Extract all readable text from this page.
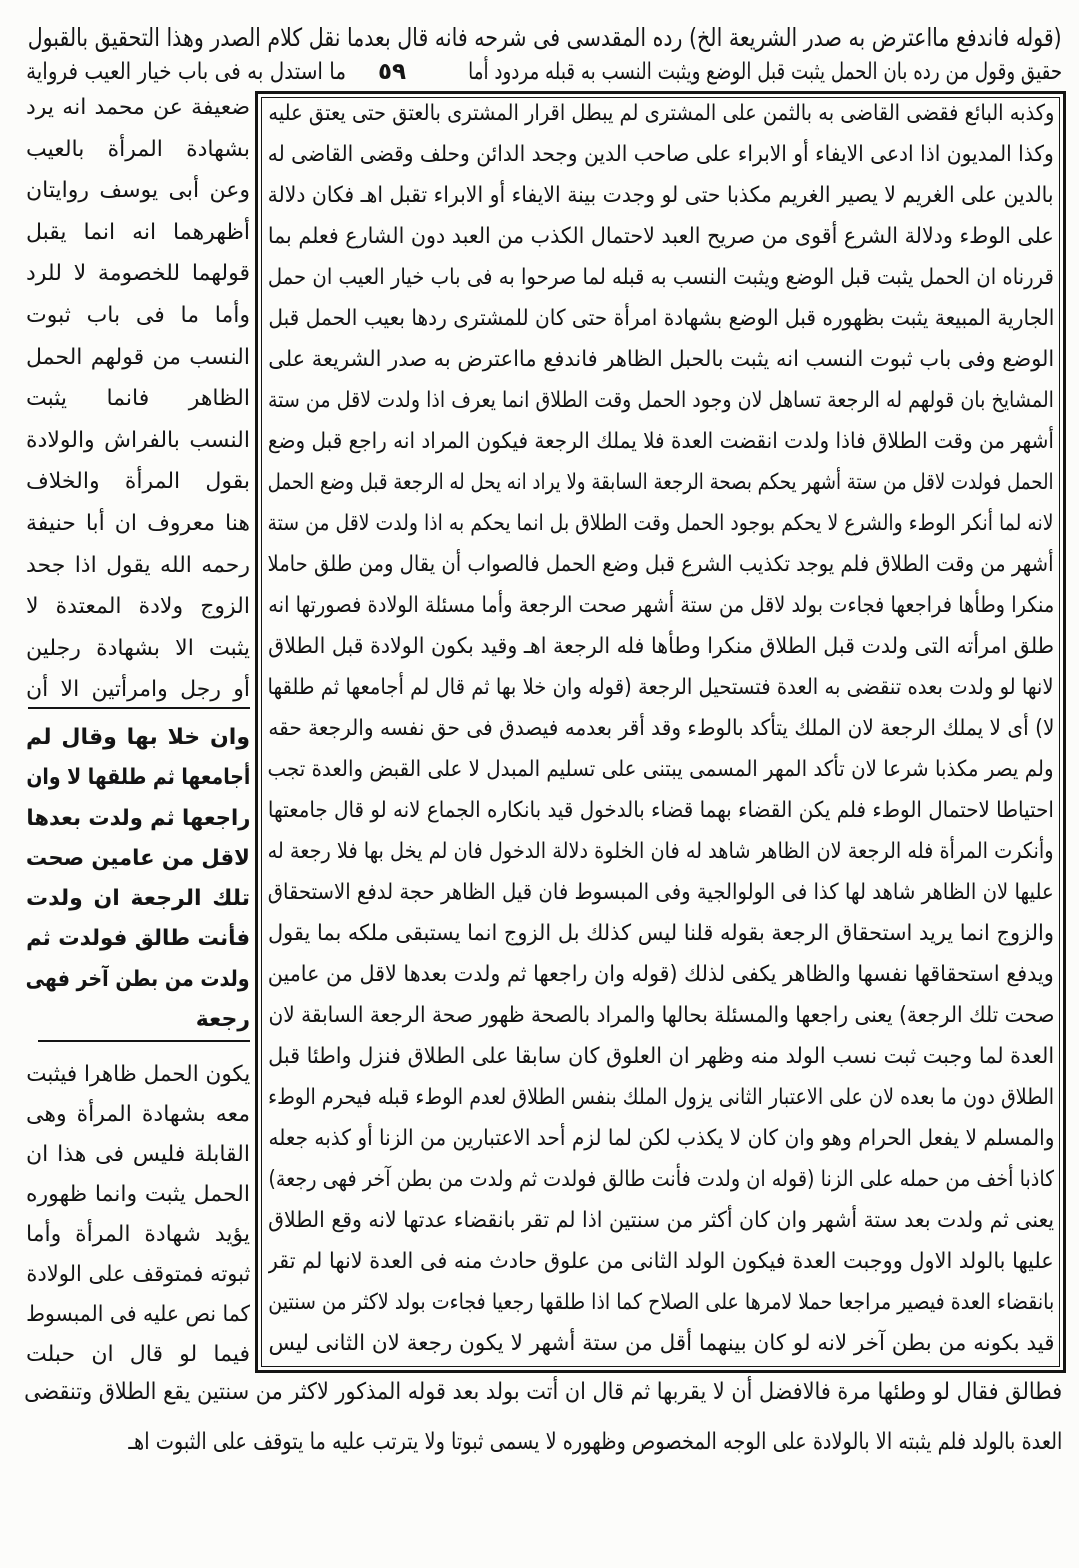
(قوله فاندفع مااعترض به صدر الشريعة الخ) رده المقدسى فى شرحه فانه قال بعدما نقل كلام الصدر وهذا التحقيق بالقبول
حقيق وقول من رده بان الحمل يثبت قبل الوضع ويثبت النسب به قبله مردود أما
٥٩
ما استدل به فى باب خيار العيب فرواية
وكذبه البائع فقضى القاضى به بالثمن على المشترى لم يبطل اقرار المشترى بالعتق حتى يعتق عليه
وكذا المديون اذا ادعى الايفاء أو الابراء على صاحب الدين وجحد الدائن وحلف وقضى القاضى له
بالدين على الغريم لا يصير الغريم مكذبا حتى لو وجدت بينة الايفاء أو الابراء تقبل اهـ فكان دلالة
على الوطء ودلالة الشرع أقوى من صريح العبد لاحتمال الكذب من العبد دون الشارع فعلم بما
قررناه ان الحمل يثبت قبل الوضع ويثبت النسب به قبله لما صرحوا به فى باب خيار العيب ان حمل
الجارية المبيعة يثبت بظهوره قبل الوضع بشهادة امرأة حتى كان للمشترى ردها بعيب الحمل قبل
الوضع وفى باب ثبوت النسب انه يثبت بالحبل الظاهر فاندفع مااعترض به صدر الشريعة على
المشايخ بان قولهم له الرجعة تساهل لان وجود الحمل وقت الطلاق انما يعرف اذا ولدت لاقل من ستة
أشهر من وقت الطلاق فاذا ولدت انقضت العدة فلا يملك الرجعة فيكون المراد انه راجع قبل وضع
الحمل فولدت لاقل من ستة أشهر يحكم بصحة الرجعة السابقة ولا يراد انه يحل له الرجعة قبل وضع الحمل
لانه لما أنكر الوطء والشرع لا يحكم بوجود الحمل وقت الطلاق بل انما يحكم به اذا ولدت لاقل من ستة
أشهر من وقت الطلاق فلم يوجد تكذيب الشرع قبل وضع الحمل فالصواب أن يقال ومن طلق حاملا
منكرا وطأها فراجعها فجاءت بولد لاقل من ستة أشهر صحت الرجعة وأما مسئلة الولادة فصورتها انه
طلق امرأته التى ولدت قبل الطلاق منكرا وطأها فله الرجعة اهـ وقيد بكون الولادة قبل الطلاق
لانها لو ولدت بعده تنقضى به العدة فتستحيل الرجعة (قوله وان خلا بها ثم قال لم أجامعها ثم طلقها
لا) أى لا يملك الرجعة لان الملك يتأكد بالوطء وقد أقر بعدمه فيصدق فى حق نفسه والرجعة حقه
ولم يصر مكذبا شرعا لان تأكد المهر المسمى يبتنى على تسليم المبدل لا على القبض والعدة تجب
احتياطا لاحتمال الوطء فلم يكن القضاء بهما قضاء بالدخول قيد بانكاره الجماع لانه لو قال جامعتها
وأنكرت المرأة فله الرجعة لان الظاهر شاهد له فان الخلوة دلالة الدخول فان لم يخل بها فلا رجعة له
عليها لان الظاهر شاهد لها كذا فى الولوالجية وفى المبسوط فان قيل الظاهر حجة لدفع الاستحقاق
والزوج انما يريد استحقاق الرجعة بقوله قلنا ليس كذلك بل الزوج انما يستبقى ملكه بما يقول
ويدفع استحقاقها نفسها والظاهر يكفى لذلك (قوله وان راجعها ثم ولدت بعدها لاقل من عامين
صحت تلك الرجعة) يعنى راجعها والمسئلة بحالها والمراد بالصحة ظهور صحة الرجعة السابقة لان
العدة لما وجبت ثبت نسب الولد منه وظهر ان العلوق كان سابقا على الطلاق فنزل واطئا قبل
الطلاق دون ما بعده لان على الاعتبار الثانى يزول الملك بنفس الطلاق لعدم الوطء قبله فيحرم الوطء
والمسلم لا يفعل الحرام وهو وان كان لا يكذب لكن لما لزم أحد الاعتبارين من الزنا أو كذبه جعله
كاذبا أخف من حمله على الزنا (قوله ان ولدت فأنت طالق فولدت ثم ولدت من بطن آخر فهى رجعة)
يعنى ثم ولدت بعد ستة أشهر وان كان أكثر من سنتين اذا لم تقر بانقضاء عدتها لانه وقع الطلاق
عليها بالولد الاول ووجبت العدة فيكون الولد الثانى من علوق حادث منه فى العدة لانها لم تقر
بانقضاء العدة فيصير مراجعا حملا لامرها على الصلاح كما اذا طلقها رجعيا فجاءت بولد لاكثر من سنتين
قيد بكونه من بطن آخر لانه لو كان بينهما أقل من ستة أشهر لا يكون رجعة لان الثانى ليس
ضعيفة عن محمد انه يرد
بشهادة المرأة بالعيب
وعن أبى يوسف روايتان
أظهرهما انه انما يقبل
قولهما للخصومة لا للرد
وأما ما فى باب ثبوت
النسب من قولهم الحمل
الظاهر فانما يثبت
النسب بالفراش والولادة
بقول المرأة والخلاف
هنا معروف ان أبا حنيفة
رحمه الله يقول اذا جحد
الزوج ولادة المعتدة لا
يثبت الا بشهادة رجلين
أو رجل وامرأتين الا أن
وان خلا بها وقال لم
أجامعها ثم طلقها لا وان
راجعها ثم ولدت بعدها
لاقل من عامين صحت
تلك الرجعة ان ولدت
فأنت طالق فولدت ثم
ولدت من بطن آخر فهى
رجعة
يكون الحمل ظاهرا فيثبت
معه بشهادة المرأة وهى
القابلة فليس فى هذا ان
الحمل يثبت وانما ظهوره
يؤيد شهادة المرأة وأما
ثبوته فمتوقف على الولادة
كما نص عليه فى المبسوط
فيما لو قال ان حبلت
فطالق فقال لو وطئها مرة فالافضل أن لا يقربها ثم قال ان أتت بولد بعد قوله المذكور لاكثر من سنتين يقع الطلاق وتنقضى
العدة بالولد فلم يثبته الا بالولادة على الوجه المخصوص وظهوره لا يسمى ثبوتا ولا يترتب عليه ما يتوقف على الثبوت اهـ
